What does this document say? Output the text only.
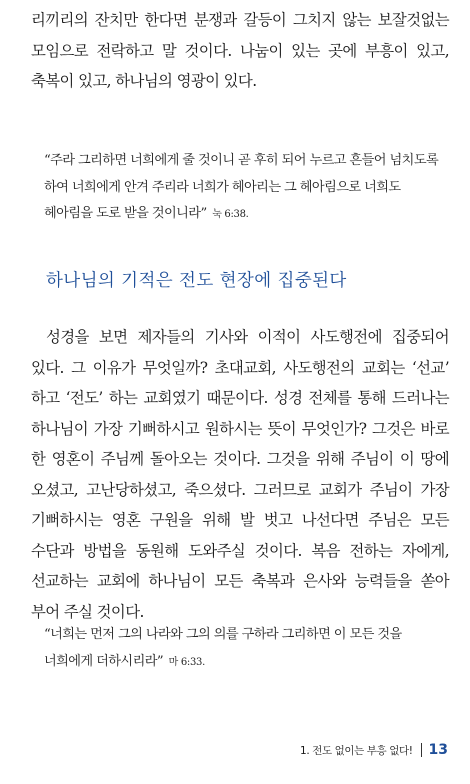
리끼리의 잔치만 한다면 분쟁과 갈등이 그치지 않는 보잘것없는 모임으로 전락하고 말 것이다. 나눔이 있는 곳에 부흥이 있고, 축복이 있고, 하나님의 영광이 있다.

“주라 그리하면 너희에게 줄 것이니 곧 후히 되어 누르고 흔들어 넘치도록 하여 너희에게 안겨 주리라 너희가 헤아리는 그 헤아림으로 너희도 헤아림을 도로 받을 것이니라” 눅 6:38.

하나님의 기적은 전도 현장에 집중된다

성경을 보면 제자들의 기사와 이적이 사도행전에 집중되어 있다. 그 이유가 무엇일까? 초대교회, 사도행전의 교회는 ‘선교’ 하고 ‘전도’ 하는 교회였기 때문이다. 성경 전체를 통해 드러나는 하나님이 가장 기뻐하시고 원하시는 뜻이 무엇인가? 그것은 바로 한 영혼이 주님께 돌아오는 것이다. 그것을 위해 주님이 이 땅에 오셨고, 고난당하셨고, 죽으셨다. 그러므로 교회가 주님이 가장 기뻐하시는 영혼 구원을 위해 발 벗고 나선다면 주님은 모든 수단과 방법을 동원해 도와주실 것이다. 복음 전하는 자에게, 선교하는 교회에 하나님이 모든 축복과 은사와 능력들을 쏟아 부어 주실 것이다.

“너희는 먼저 그의 나라와 그의 의를 구하라 그리하면 이 모든 것을 너희에게 더하시리라” 마 6:33.

1. 전도 없이는 부흥 없다! 13
